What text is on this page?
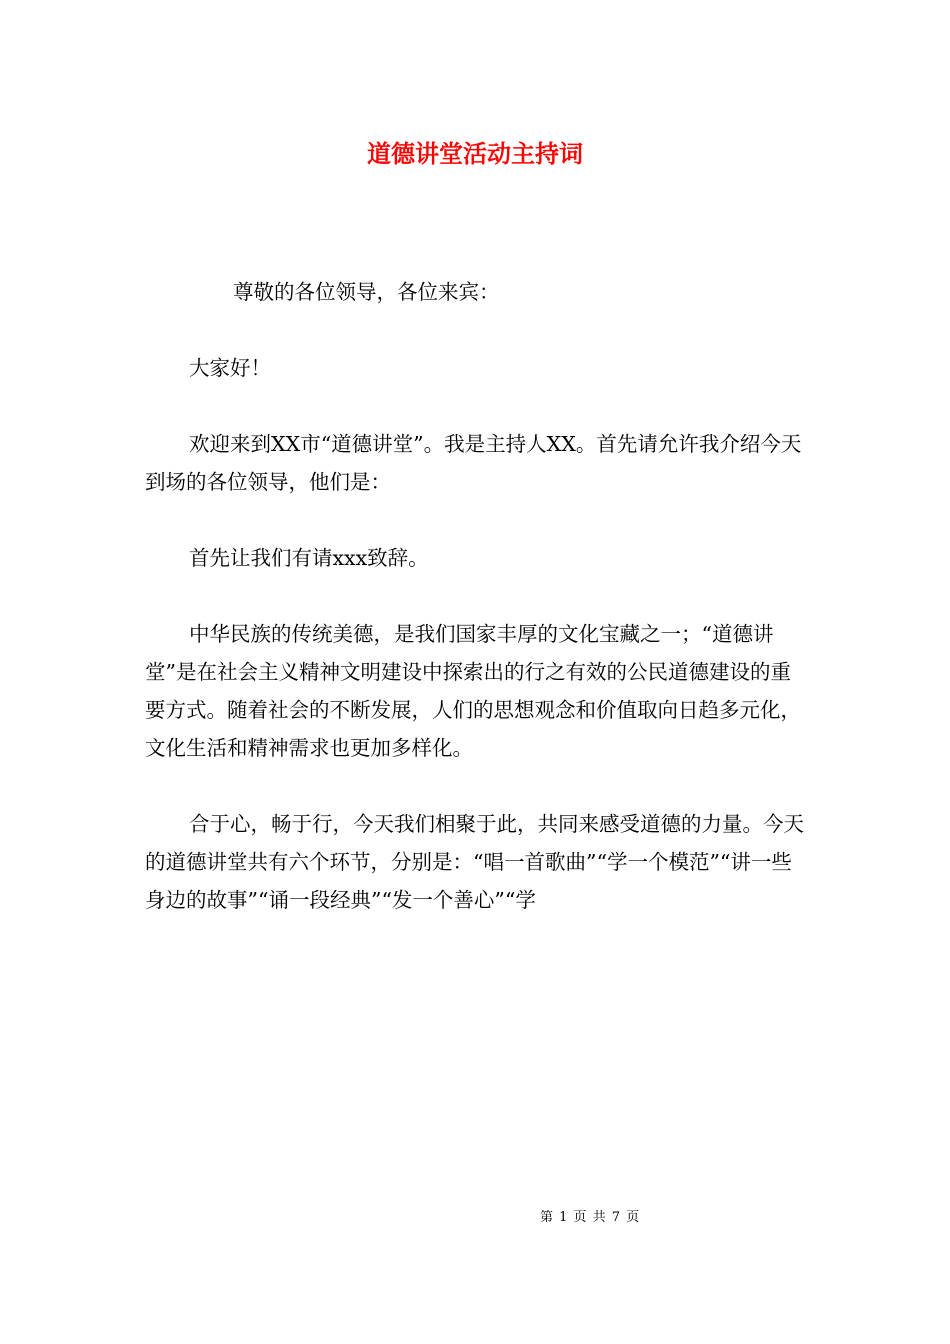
道德讲堂活动主持词

尊敬的各位领导，各位来宾：

大家好！

欢迎来到XX市“道德讲堂”。我是主持人XX。首先请允许我介绍今天到场的各位领导，他们是：

首先让我们有请xxx致辞。

中华民族的传统美德，是我们国家丰厚的文化宝藏之一；“道德讲堂”是在社会主义精神文明建设中探索出的行之有效的公民道德建设的重要方式。随着社会的不断发展，人们的思想观念和价值取向日趋多元化，文化生活和精神需求也更加多样化。

合于心，畅于行，今天我们相聚于此，共同来感受道德的力量。今天的道德讲堂共有六个环节，分别是：“唱一首歌曲”“学一个模范”“讲一些身边的故事”“诵一段经典”“发一个善心”“学

第 1 页 共 7 页
